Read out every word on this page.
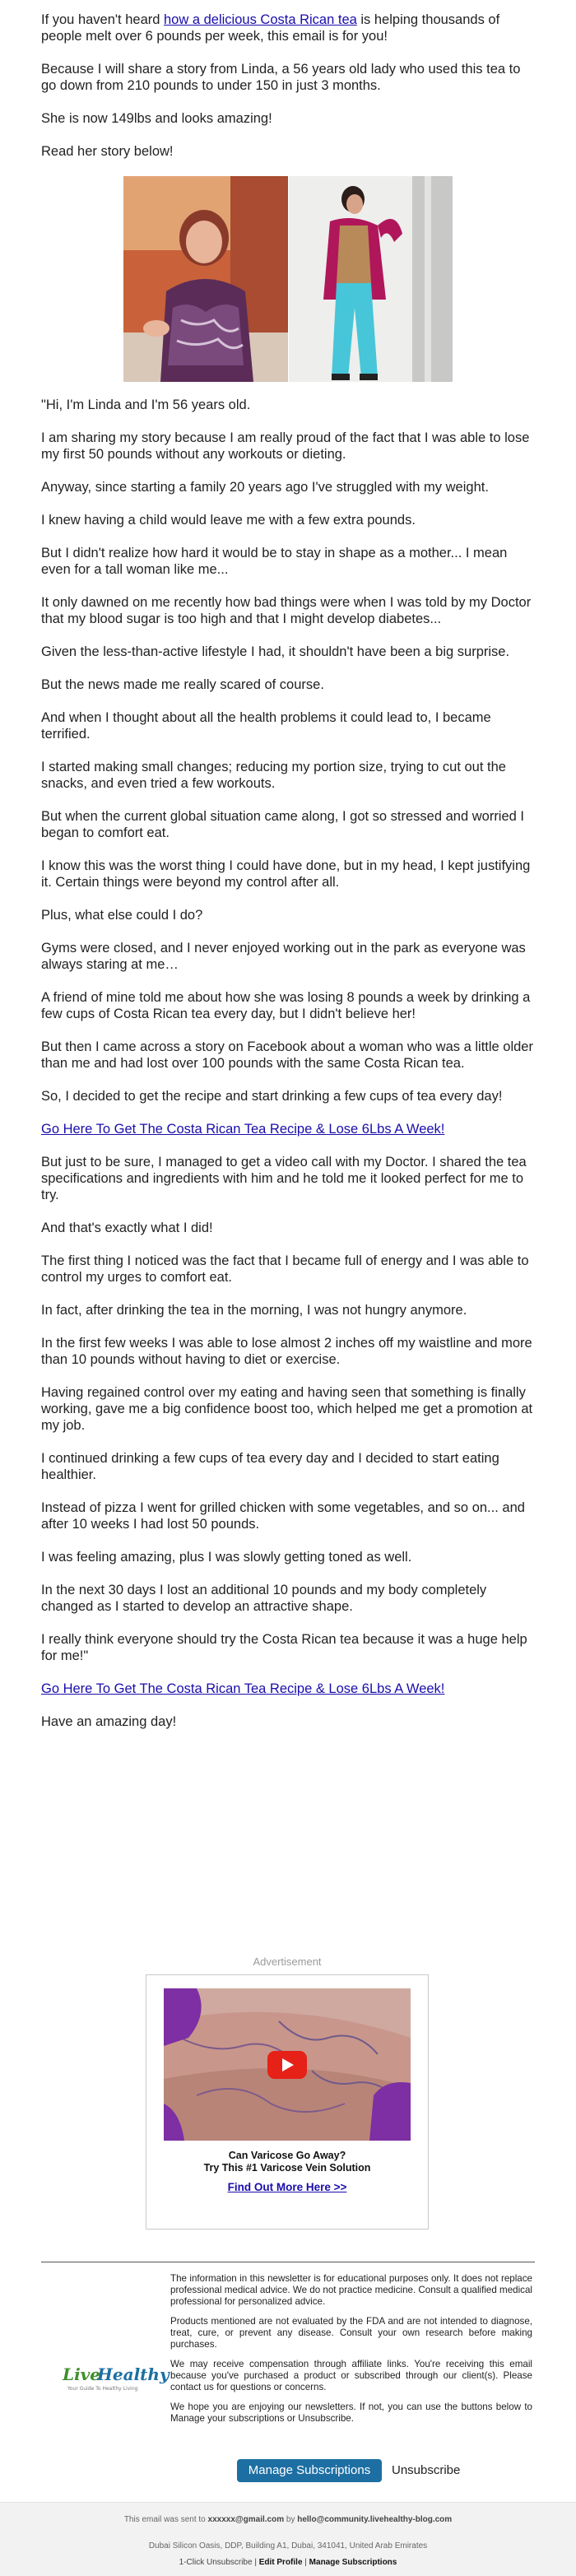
If you haven't heard how a delicious Costa Rican tea is helping thousands of people melt over 6 pounds per week, this email is for you!

Because I will share a story from Linda, a 56 years old lady who used this tea to go down from 210 pounds to under 150 in just 3 months.

She is now 149lbs and looks amazing!

Read her story below!

"Hi, I'm Linda and I'm 56 years old.

I am sharing my story because I am really proud of the fact that I was able to lose my first 50 pounds without any workouts or dieting.

Anyway, since starting a family 20 years ago I've struggled with my weight.

I knew having a child would leave me with a few extra pounds.

But I didn't realize how hard it would be to stay in shape as a mother... I mean even for a tall woman like me...

It only dawned on me recently how bad things were when I was told by my Doctor that my blood sugar is too high and that I might develop diabetes...

Given the less-than-active lifestyle I had, it shouldn't have been a big surprise.

But the news made me really scared of course.

And when I thought about all the health problems it could lead to, I became terrified.

I started making small changes; reducing my portion size, trying to cut out the snacks, and even tried a few workouts.

But when the current global situation came along, I got so stressed and worried I began to comfort eat.

I know this was the worst thing I could have done, but in my head, I kept justifying it. Certain things were beyond my control after all.

Plus, what else could I do?

Gyms were closed, and I never enjoyed working out in the park as everyone was always staring at me…

A friend of mine told me about how she was losing 8 pounds a week by drinking a few cups of Costa Rican tea every day, but I didn't believe her!

But then I came across a story on Facebook about a woman who was a little older than me and had lost over 100 pounds with the same Costa Rican tea.

So, I decided to get the recipe and start drinking a few cups of tea every day!

Go Here To Get The Costa Rican Tea Recipe & Lose 6Lbs A Week!

But just to be sure, I managed to get a video call with my Doctor. I shared the tea specifications and ingredients with him and he told me it looked perfect for me to try.

And that's exactly what I did!

The first thing I noticed was the fact that I became full of energy and I was able to control my urges to comfort eat.

In fact, after drinking the tea in the morning, I was not hungry anymore.

In the first few weeks I was able to lose almost 2 inches off my waistline and more than 10 pounds without having to diet or exercise.

Having regained control over my eating and having seen that something is finally working, gave me a big confidence boost too, which helped me get a promotion at my job.

I continued drinking a few cups of tea every day and I decided to start eating healthier.

Instead of pizza I went for grilled chicken with some vegetables, and so on... and after 10 weeks I had lost 50 pounds.

I was feeling amazing, plus I was slowly getting toned as well.

In the next 30 days I lost an additional 10 pounds and my body completely changed as I started to develop an attractive shape.

I really think everyone should try the Costa Rican tea because it was a huge help for me!"

Go Here To Get The Costa Rican Tea Recipe & Lose 6Lbs A Week!

Have an amazing day!

Advertisement
Can Varicose Go Away?
Try This #1 Varicose Vein Solution
Find Out More Here >>
Live
Healthy
Your Guide To Healthy Living

The information in this newsletter is for educational purposes only. It does not replace professional medical advice. We do not practice medicine. Consult a qualified medical professional for personalized advice.

Products mentioned are not evaluated by the FDA and are not intended to diagnose, treat, cure, or prevent any disease. Consult your own research before making purchases.

We may receive compensation through affiliate links. You're receiving this email because you've purchased a product or subscribed through our client(s). Please contact us for questions or concerns.

We hope you are enjoying our newsletters. If not, you can use the buttons below to Manage your subscriptions or Unsubscribe.

Manage Subscriptions	Unsubscribe
This email was sent to xxxxxx@gmail.com by hello@community.livehealthy-blog.com
Dubai Silicon Oasis, DDP, Building A1, Dubai, 341041, United Arab Emirates
1-Click Unsubscribe | Edit Profile | Manage Subscriptions
